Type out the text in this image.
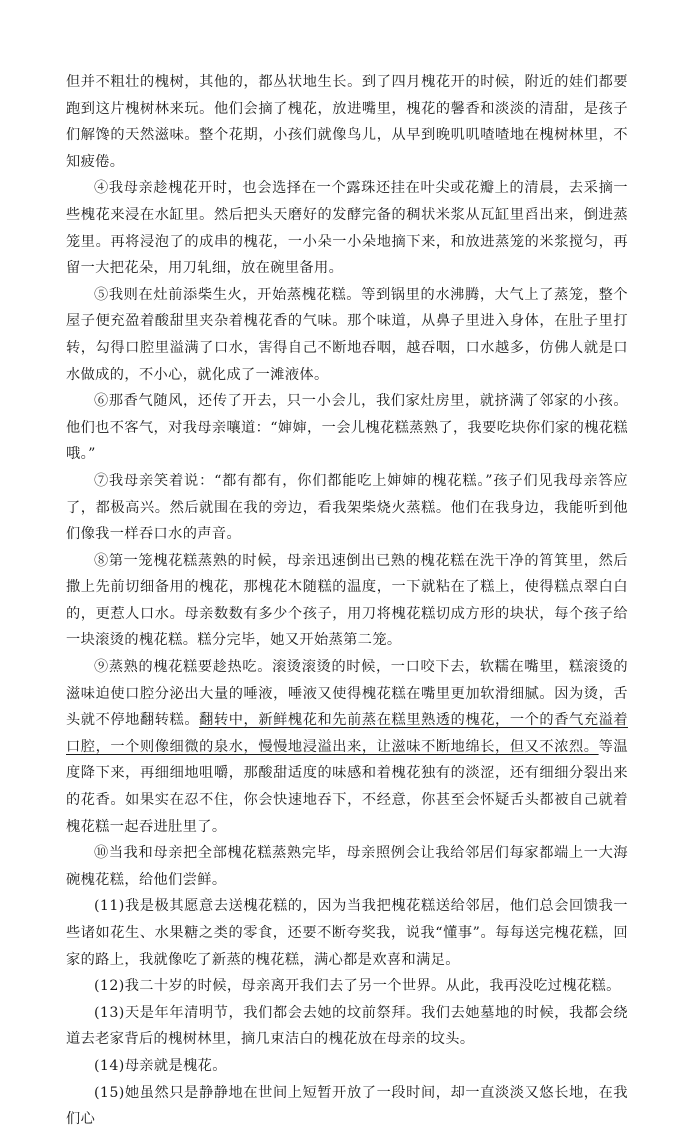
但并不粗壮的槐树，其他的，都丛状地生长。到了四月槐花开的时候，附近的娃们都要跑到这片槐树林来玩。他们会摘了槐花，放进嘴里，槐花的馨香和淡淡的清甜，是孩子们解馋的天然滋味。整个花期，小孩们就像鸟儿，从早到晚叽叽喳喳地在槐树林里，不知疲倦。

④我母亲趁槐花开时，也会选择在一个露珠还挂在叶尖或花瓣上的清晨，去采摘一些槐花来浸在水缸里。然后把头天磨好的发酵完备的稠状米浆从瓦缸里舀出来，倒进蒸笼里。再将浸泡了的成串的槐花，一小朵一小朵地摘下来，和放进蒸笼的米浆搅匀，再留一大把花朵，用刀轧细，放在碗里备用。

⑤我则在灶前添柴生火，开始蒸槐花糕。等到锅里的水沸腾，大气上了蒸笼，整个屋子便充盈着酸甜里夹杂着槐花香的气味。那个味道，从鼻子里进入身体，在肚子里打转，勾得口腔里溢满了口水，害得自己不断地吞咽，越吞咽，口水越多，仿佛人就是口水做成的，不小心，就化成了一滩液体。

⑥那香气随风，还传了开去，只一小会儿，我们家灶房里，就挤满了邻家的小孩。他们也不客气，对我母亲嚷道：“婶婶，一会儿槐花糕蒸熟了，我要吃块你们家的槐花糕哦。”

⑦我母亲笑着说：“都有都有，你们都能吃上婶婶的槐花糕。”孩子们见我母亲答应了，都极高兴。然后就围在我的旁边，看我架柴烧火蒸糕。他们在我身边，我能听到他们像我一样吞口水的声音。

⑧第一笼槐花糕蒸熟的时候，母亲迅速倒出已熟的槐花糕在洗干净的筲箕里，然后撒上先前切细备用的槐花，那槐花木随糕的温度，一下就粘在了糕上，使得糕点翠白白的，更惹人口水。母亲数数有多少个孩子，用刀将槐花糕切成方形的块状，每个孩子给一块滚烫的槐花糕。糕分完毕，她又开始蒸第二笼。

⑨蒸熟的槐花糕要趁热吃。滚烫滚烫的时候，一口咬下去，软糯在嘴里，糕滚烫的滋味迫使口腔分泌出大量的唾液，唾液又使得槐花糕在嘴里更加软滑细腻。因为烫，舌头就不停地翻转糕。翻转中，新鲜槐花和先前蒸在糕里熟透的槐花，一个的香气充溢着口腔，一个则像细微的泉水，慢慢地浸溢出来，让滋味不断地绵长，但又不浓烈。等温度降下来，再细细地咀嚼，那酸甜适度的味感和着槐花独有的淡涩，还有细细分裂出来的花香。如果实在忍不住，你会快速地吞下，不经意，你甚至会怀疑舌头都被自己就着槐花糕一起吞进肚里了。

⑩当我和母亲把全部槐花糕蒸熟完毕，母亲照例会让我给邻居们每家都端上一大海碗槐花糕，给他们尝鲜。

(11)我是极其愿意去送槐花糕的，因为当我把槐花糕送给邻居，他们总会回馈我一些诸如花生、水果糖之类的零食，还要不断夸奖我，说我“懂事”。每每送完槐花糕，回家的路上，我就像吃了新蒸的槐花糕，满心都是欢喜和满足。

(12)我二十岁的时候，母亲离开我们去了另一个世界。从此，我再没吃过槐花糕。

(13)天是年年清明节，我们都会去她的坟前祭拜。我们去她墓地的时候，我都会绕道去老家背后的槐树林里，摘几束洁白的槐花放在母亲的坟头。

(14)母亲就是槐花。

(15)她虽然只是静静地在世间上短暂开放了一段时间，却一直淡淡又悠长地，在我们心
